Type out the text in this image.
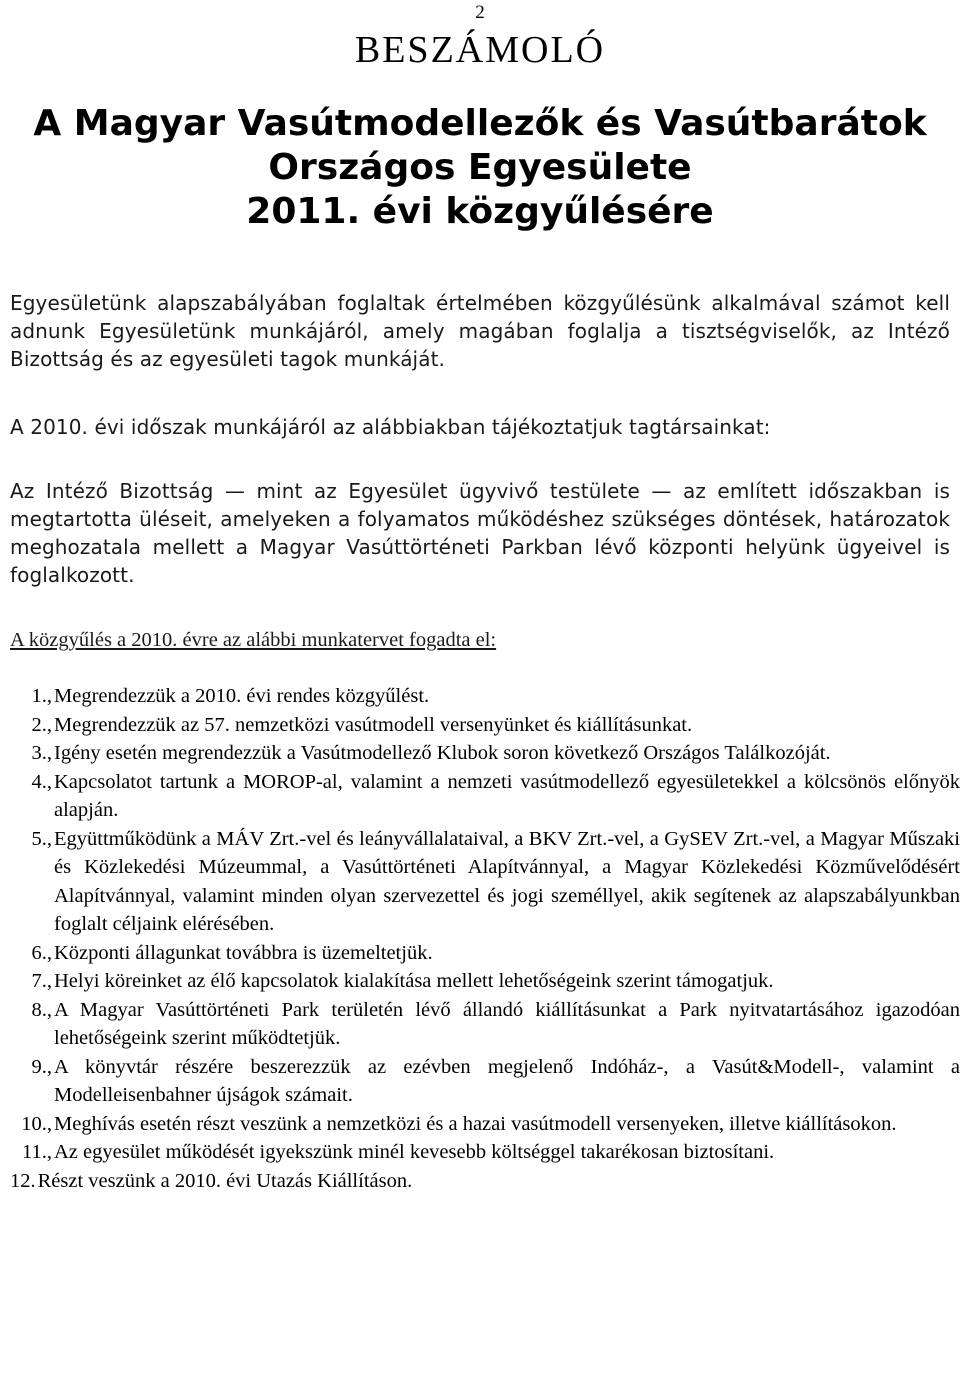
2
BESZÁMOLÓ
A Magyar Vasútmodellezők és Vasútbarátok
Országos Egyesülete
2011. évi közgyűlésére

Egyesületünk alapszabályában foglaltak értelmében közgyűlésünk alkalmával számot kell adnunk Egyesületünk munkájáról, amely magában foglalja a tisztségviselők, az Intéző Bizottság és az egyesületi tagok munkáját.

A 2010. évi időszak munkájáról az alábbiakban tájékoztatjuk tagtársainkat:

Az Intéző Bizottság — mint az Egyesület ügyvivő testülete — az említett időszakban is megtartotta üléseit, amelyeken a folyamatos működéshez szükséges döntések, határozatok meghozatala mellett a Magyar Vasúttörténeti Parkban lévő központi helyünk ügyeivel is foglalkozott.

A közgyűlés a 2010. évre az alábbi munkatervet fogadta el:

1., Megrendezzük a 2010. évi rendes közgyűlést.
2., Megrendezzük az 57. nemzetközi vasútmodell versenyünket és kiállításunkat.
3., Igény esetén megrendezzük a Vasútmodellező Klubok soron következő Országos Találkozóját.
4., Kapcsolatot tartunk a MOROP-al, valamint a nemzeti vasútmodellező egyesületekkel a kölcsönös előnyök alapján.
5., Együttműködünk a MÁV Zrt.-vel és leányvállalataival, a BKV Zrt.-vel, a GySEV Zrt.-vel, a Magyar Műszaki és Közlekedési Múzeummal, a Vasúttörténeti Alapítvánnyal, a Magyar Közlekedési Közművelődésért Alapítvánnyal, valamint minden olyan szervezettel és jogi személlyel, akik segítenek az alapszabályunkban foglalt céljaink elérésében.
6., Központi állagunkat továbbra is üzemeltetjük.
7., Helyi köreinket az élő kapcsolatok kialakítása mellett lehetőségeink szerint támogatjuk.
8., A Magyar Vasúttörténeti Park területén lévő állandó kiállításunkat a Park nyitvatartásához igazodóan lehetőségeink szerint működtetjük.
9., A könyvtár részére beszerezzük az ezévben megjelenő Indóház-, a Vasút&Modell-, valamint a Modelleisenbahner újságok számait.
10., Meghívás esetén részt veszünk a nemzetközi és a hazai vasútmodell versenyeken, illetve kiállításokon.
11., Az egyesület működését igyekszünk minél kevesebb költséggel takarékosan biztosítani.
12. Részt veszünk a 2010. évi Utazás Kiállításon.
